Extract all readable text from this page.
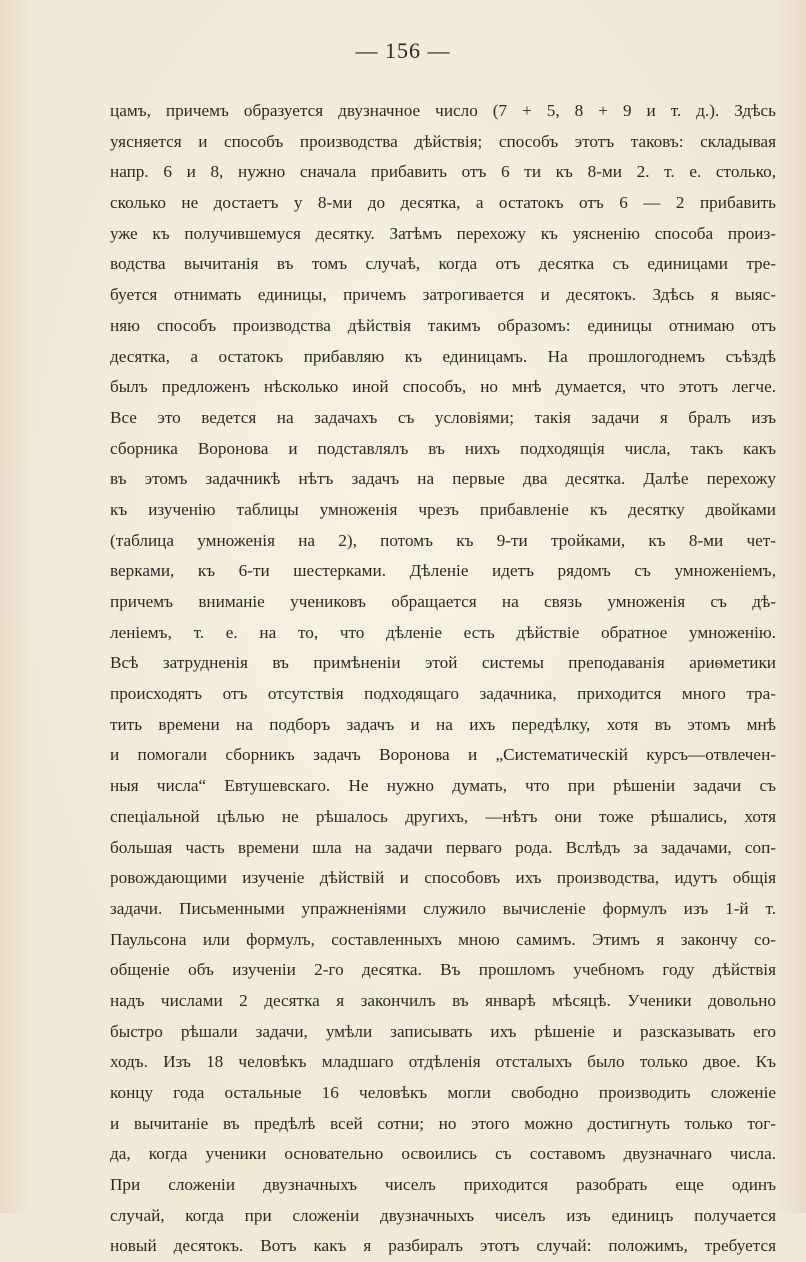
— 156 —
цамъ, причемъ образуется двузначное число (7 + 5, 8 + 9 и т. д.). Здѣсь
уясняется и способъ производства дѣйствія; способъ этотъ таковъ: складывая
напр. 6 и 8, нужно сначала прибавить отъ 6 ти къ 8-ми 2. т. е. столько,
сколько не достаетъ у 8-ми до десятка, а остатокъ отъ 6 — 2 прибавить
уже къ получившемуся десятку. Затѣмъ перехожу къ уясненію способа произ-
водства вычитанія въ томъ случаѣ, когда отъ десятка съ единицами тре-
буется отнимать единицы, причемъ затрогивается и десятокъ. Здѣсь я выяс-
няю способъ производства дѣйствія такимъ образомъ: единицы отнимаю отъ
десятка, а остатокъ прибавляю къ единицамъ. На прошлогоднемъ съѣздѣ
былъ предложенъ нѣсколько иной способъ, но мнѣ думается, что этотъ легче.
Все это ведется на задачахъ съ условіями; такія задачи я бралъ изъ
сборника Воронова и подставлялъ въ нихъ подходящія числа, такъ какъ
въ этомъ задачникѣ нѣтъ задачъ на первые два десятка. Далѣе перехожу
къ изученію таблицы умноженія чрезъ прибавленіе къ десятку двойками
(таблица умноженія на 2), потомъ къ 9-ти тройками, къ 8-ми чет-
верками, къ 6-ти шестерками. Дѣленіе идетъ рядомъ съ умноженіемъ,
причемъ вниманіе учениковъ обращается на связь умноженія съ дѣ-
леніемъ, т. е. на то, что дѣленіе есть дѣйствіе обратное умноженію.
Всѣ затрудненія въ примѣненіи этой системы преподаванія ариѳметики
происходятъ отъ отсутствія подходящаго задачника, приходится много тра-
тить времени на подборъ задачъ и на ихъ передѣлку, хотя въ этомъ мнѣ
и помогали сборникъ задачъ Воронова и „Систематическій курсъ—отвлечен-
ныя числа“ Евтушевскаго. Не нужно думать, что при рѣшеніи задачи съ
спеціальной цѣлью не рѣшалось другихъ, —нѣтъ они тоже рѣшались, хотя
большая часть времени шла на задачи перваго рода. Вслѣдъ за задачами, соп-
ровождающими изученіе дѣйствій и способовъ ихъ производства, идутъ общія
задачи. Письменными упражненіями служило вычисленіе формулъ изъ 1-й т.
Паульсона или формулъ, составленныхъ мною самимъ. Этимъ я закончу со-
общеніе объ изученіи 2-го десятка. Въ прошломъ учебномъ году дѣйствія
надъ числами 2 десятка я закончилъ въ январѣ мѣсяцѣ. Ученики довольно
быстро рѣшали задачи, умѣли записывать ихъ рѣшеніе и разсказывать его
ходъ. Изъ 18 человѣкъ младшаго отдѣленія отсталыхъ было только двое. Къ
концу года остальные 16 человѣкъ могли свободно производить сложеніе
и вычитаніе въ предѣлѣ всей сотни; но этого можно достигнуть только тог-
да, когда ученики основательно освоились съ составомъ двузначнаго числа.
При сложеніи двузначныхъ чиселъ приходится разобрать еще одинъ
случай, когда при сложеніи двузначныхъ чиселъ изъ единицъ получается
новый десятокъ. Вотъ какъ я разбиралъ этотъ случай: положимъ, требуется
